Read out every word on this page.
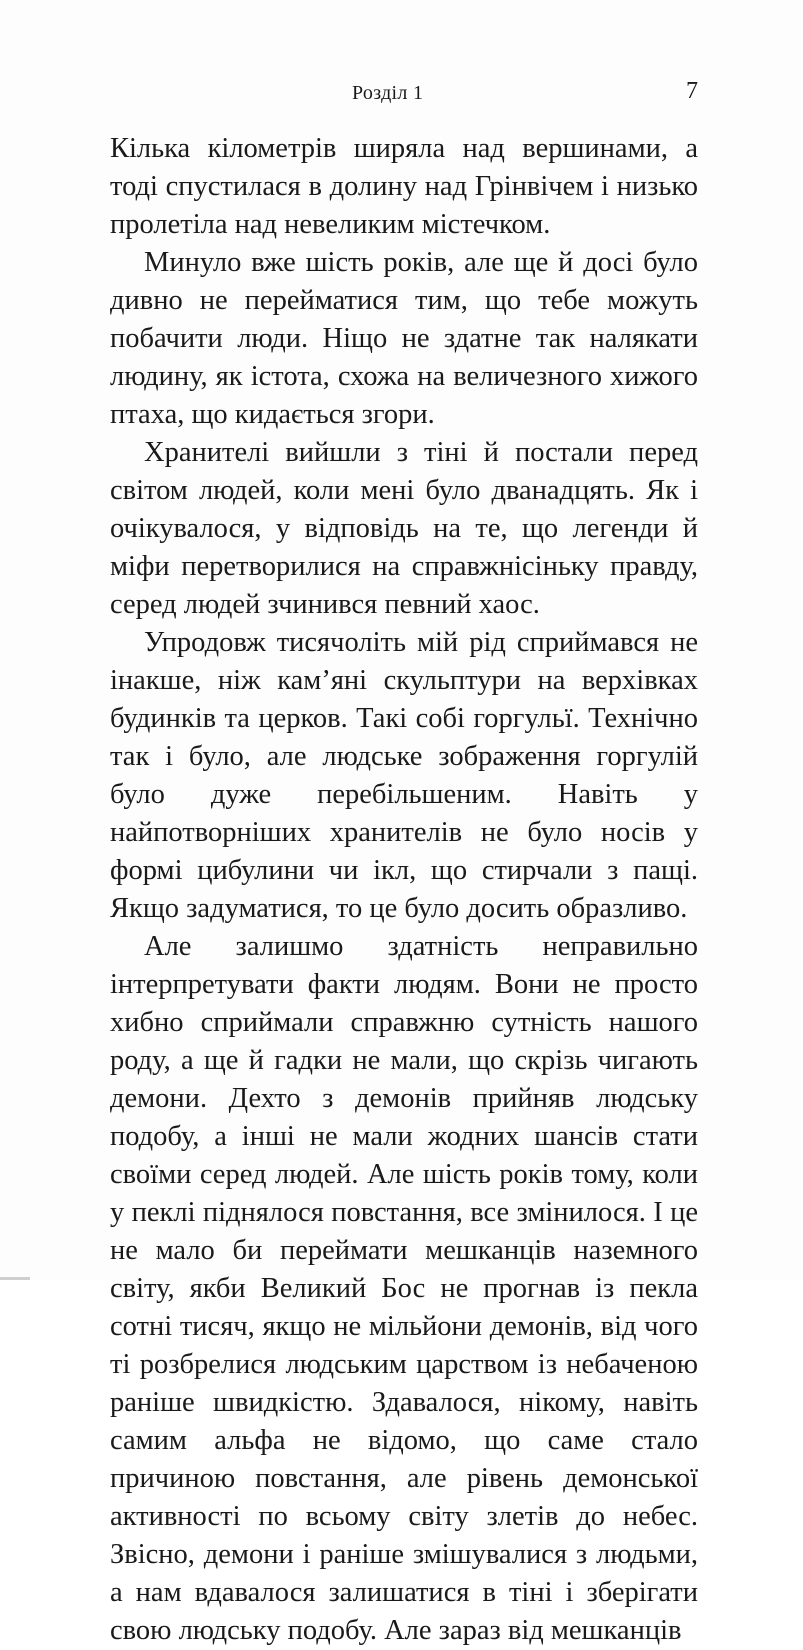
Розділ 1	7

Кілька кілометрів ширяла над вершинами, а тоді спустилася в долину над Грінвічем і низько пролетіла над невеликим містечком.

Минуло вже шість років, але ще й досі було дивно не перейматися тим, що тебе можуть побачити люди. Ніщо не здатне так налякати людину, як істота, схожа на величезного хижого птаха, що кидається згори.

Хранителі вийшли з тіні й постали перед світом людей, коли мені було дванадцять. Як і очікувалося, у відповідь на те, що легенди й міфи перетворилися на справжнісіньку правду, серед людей зчинився певний хаос.

Упродовж тисячоліть мій рід сприймався не інакше, ніж кам’яні скульптури на верхівках будинків та церков. Такі собі горгульї. Технічно так і було, але людське зображення горгулій було дуже перебільшеним. Навіть у найпотворніших хранителів не було носів у формі цибулини чи ікл, що стирчали з пащі. Якщо задуматися, то це було досить образливо.

Але залишмо здатність неправильно інтерпретувати факти людям. Вони не просто хибно сприймали справжню сутність нашого роду, а ще й гадки не мали, що скрізь чигають демони. Дехто з демонів прийняв людську подобу, а інші не мали жодних шансів стати своїми серед людей. Але шість років тому, коли у пеклі піднялося повстання, все змінилося. І це не мало би переймати мешканців наземного світу, якби Великий Бос не прогнав із пекла сотні тисяч, якщо не мільйони демонів, від чого ті розбрелися людським царством із небаченою раніше швидкістю. Здавалося, нікому, навіть самим альфа не відомо, що саме стало причиною повстання, але рівень демонської активності по всьому світу злетів до небес. Звісно, демони і раніше змішувалися з людьми, а нам вдавалося залишатися в тіні і зберігати свою людську подобу. Але зараз від мешканців
